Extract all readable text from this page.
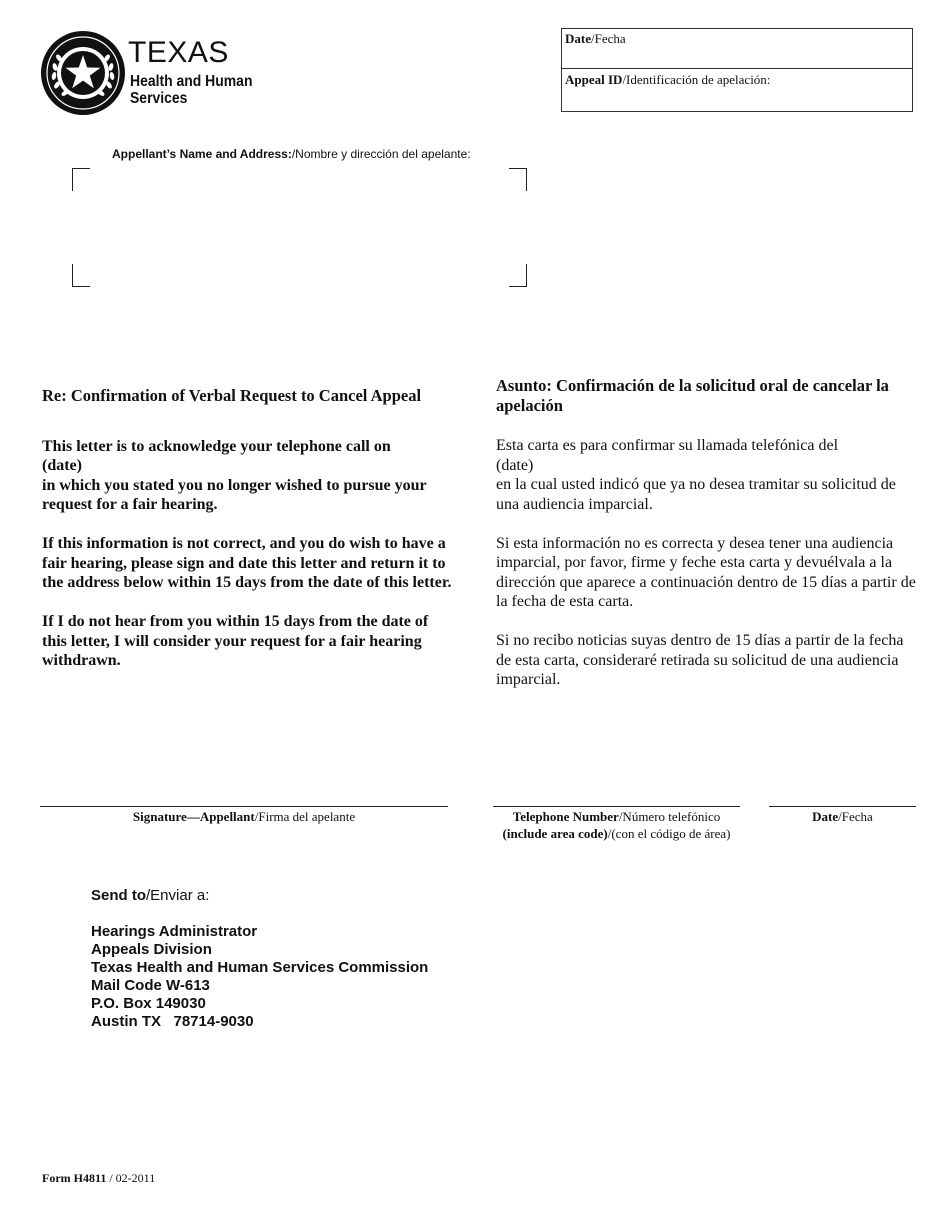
TEXAS
Health and Human
Services
Date/Fecha
Appeal ID/Identificación de apelación:
Appellant’s Name and Address:/Nombre y dirección del apelante:

Re: Confirmation of Verbal Request to Cancel Appeal

This letter is to acknowledge your telephone call on
(date)

in which you stated you no longer wished to pursue your request for a fair hearing.

If this information is not correct, and you do wish to have a fair hearing, please sign and date this letter and return it to the address below within 15 days from the date of this letter.

If I do not hear from you within 15 days from the date of this letter, I will consider your request for a fair hearing withdrawn.

Asunto: Confirmación de la solicitud oral de cancelar la apelación

Esta carta es para confirmar su llamada telefónica del
(date)

en la cual usted indicó que ya no desea tramitar su solicitud de una audiencia imparcial.

Si esta información no es correcta y desea tener una audiencia imparcial, por favor, firme y feche esta carta y devuélvala a la dirección que aparece a continuación dentro de 15 días a partir de la fecha de esta carta.

Si no recibo noticias suyas dentro de 15 días a partir de la fecha de esta carta, consideraré retirada su solicitud de una audiencia imparcial.

Signature—Appellant/Firma del apelante	Telephone Number/Número telefónico
(include area code)/(con el código de área)
Date/Fecha
Send to/Enviar a:
Hearings Administrator
Appeals Division
Texas Health and Human Services Commission
Mail Code W-613
P.O. Box 149030
Austin TX   78714-9030
Form H4811 / 02-2011
